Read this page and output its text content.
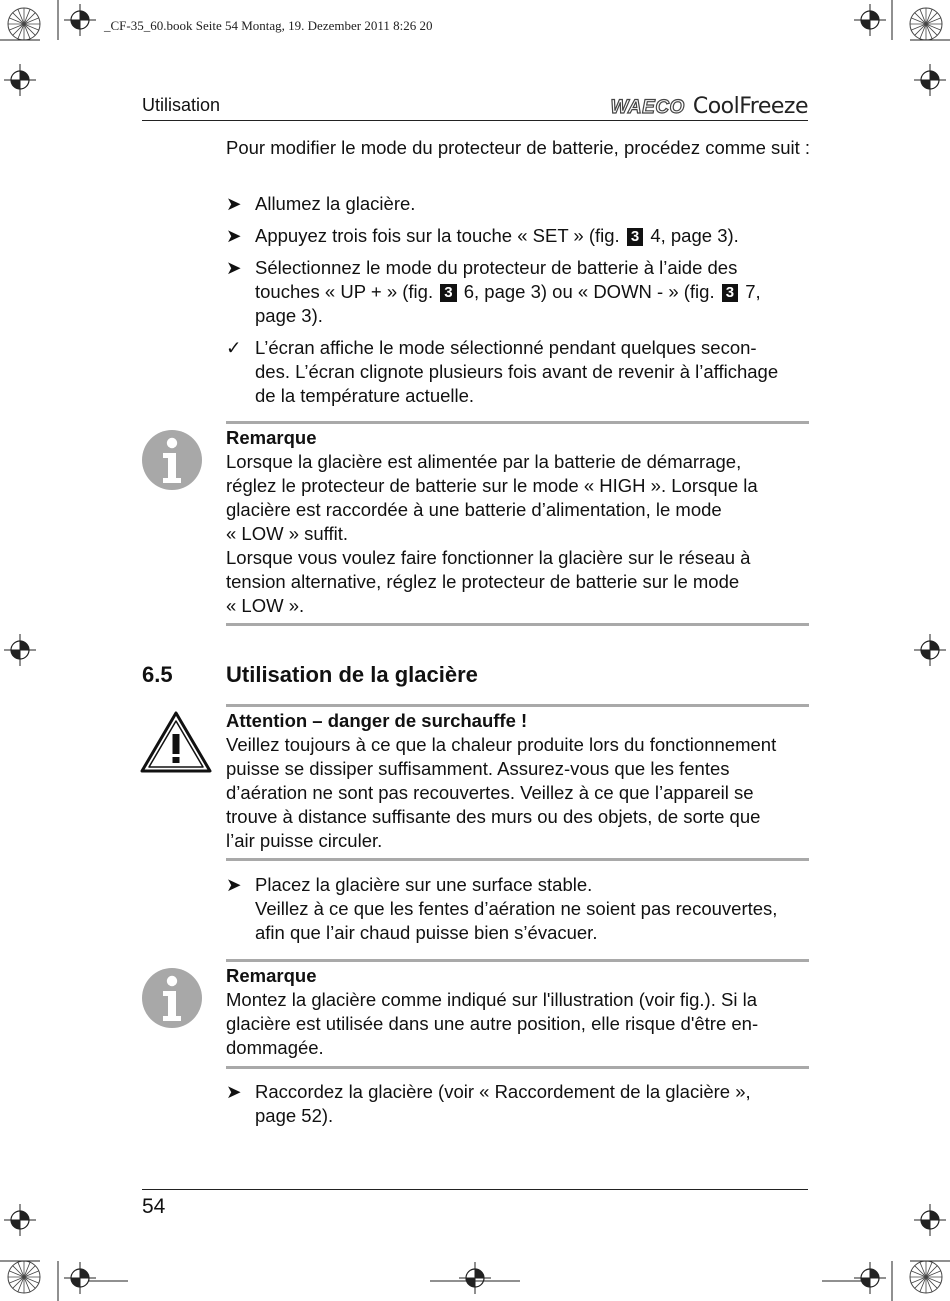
_CF-35_60.book Seite 54 Montag, 19. Dezember 2011 8:26 20
Utilisation	WAECO CoolFreeze
Pour modifier le mode du protecteur de batterie, procédez comme suit :
➤ Allumez la glacière.
➤ Appuyez trois fois sur la touche « SET » (fig. 3 4, page 3).
➤ Sélectionnez le mode du protecteur de batterie à l’aide des
touches « UP + » (fig. 3 6, page 3) ou « DOWN - » (fig. 3 7,
page 3).
✓ L’écran affiche le mode sélectionné pendant quelques secon-
des. L’écran clignote plusieurs fois avant de revenir à l’affichage
de la température actuelle.

Remarque

Lorsque la glacière est alimentée par la batterie de démarrage,

réglez le protecteur de batterie sur le mode « HIGH ». Lorsque la

glacière est raccordée à une batterie d’alimentation, le mode

« LOW » suffit.

Lorsque vous voulez faire fonctionner la glacière sur le réseau à

tension alternative, réglez le protecteur de batterie sur le mode

« LOW ».

6.5 Utilisation de la glacière

Attention – danger de surchauffe !

Veillez toujours à ce que la chaleur produite lors du fonctionnement

puisse se dissiper suffisamment. Assurez-vous que les fentes

d’aération ne sont pas recouvertes. Veillez à ce que l’appareil se

trouve à distance suffisante des murs ou des objets, de sorte que

l’air puisse circuler.

➤ Placez la glacière sur une surface stable.
Veillez à ce que les fentes d’aération ne soient pas recouvertes,
afin que l’air chaud puisse bien s’évacuer.

Remarque

Montez la glacière comme indiqué sur l'illustration (voir fig.). Si la

glacière est utilisée dans une autre position, elle risque d'être en-

dommagée.

➤ Raccordez la glacière (voir « Raccordement de la glacière »,
page 52).
54
